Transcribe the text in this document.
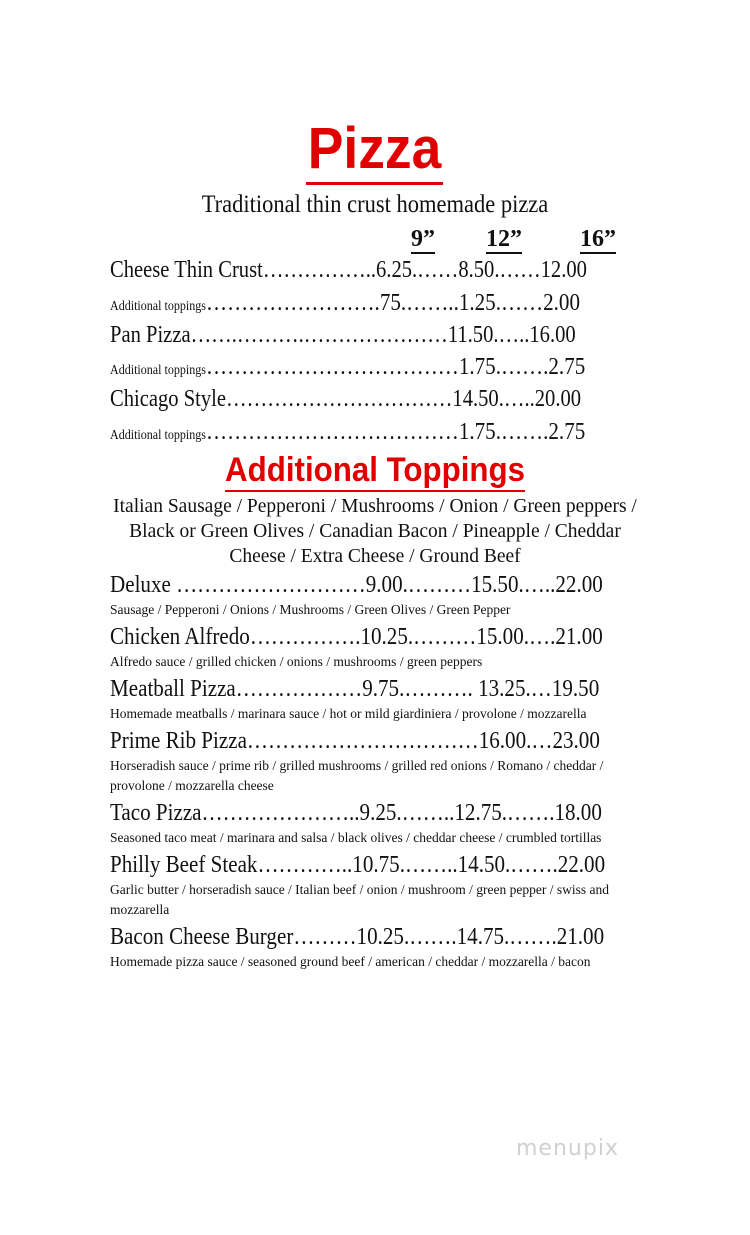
Pizza
Traditional thin crust homemade pizza
9” 12” 16”
Cheese Thin Crust……………..6.25.……8.50.……12.00
Additional toppings…………………….75.……..1.25.……2.00
Pan Pizza…….……….…………………11.50.…..16.00
Additional toppings………………………………1.75.…….2.75
Chicago Style……………………………14.50.…..20.00
Additional toppings………………………………1.75.…….2.75
Additional Toppings
Italian Sausage / Pepperoni / Mushrooms / Onion / Green peppers / Black or Green Olives / Canadian Bacon / Pineapple / Cheddar Cheese / Extra Cheese / Ground Beef
Deluxe ………………………9.00.………15.50.…..22.00
Sausage / Pepperoni / Onions / Mushrooms / Green Olives / Green Pepper
Chicken Alfredo…………….10.25.………15.00.….21.00
Alfredo sauce / grilled chicken / onions / mushrooms / green peppers
Meatball Pizza………………9.75.………. 13.25.…19.50
Homemade meatballs / marinara sauce / hot or mild giardiniera / provolone / mozzarella
Prime Rib Pizza……………………………16.00.…23.00
Horseradish sauce / prime rib / grilled mushrooms / grilled red onions / Romano / cheddar / provolone / mozzarella cheese
Taco Pizza…………………..9.25.……..12.75.…….18.00
Seasoned taco meat / marinara and salsa / black olives / cheddar cheese / crumbled tortillas
Philly Beef Steak…………..10.75.……..14.50.…….22.00
Garlic butter / horseradish sauce / Italian beef / onion / mushroom / green pepper / swiss and mozzarella
Bacon Cheese Burger………10.25.…….14.75.…….21.00
Homemade pizza sauce / seasoned ground beef / american / cheddar / mozzarella / bacon
menupix
